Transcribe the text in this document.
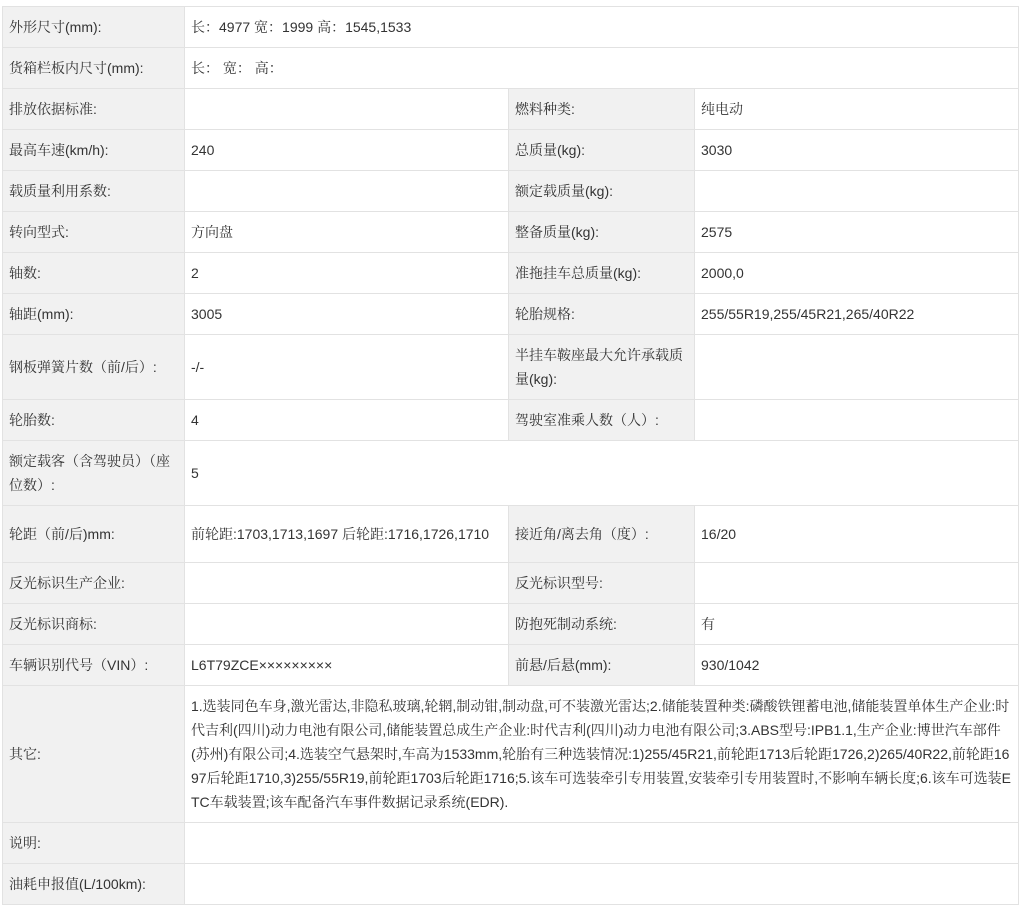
外形尺寸(mm):	长：4977 宽：1999 高：1545,1533		
货箱栏板内尺寸(mm):	长： 宽： 高：		
排放依据标准:		燃料种类:	纯电动
最高车速(km/h):	240	总质量(kg):	3030
载质量利用系数:		额定载质量(kg):	
转向型式:	方向盘	整备质量(kg):	2575
轴数:	2	准拖挂车总质量(kg):	2000,0
轴距(mm):	3005	轮胎规格:	255/55R19,255/45R21,265/40R22
钢板弹簧片数（前/后）:	-/-	半挂车鞍座最大允许承载质量(kg):	
轮胎数:	4	驾驶室准乘人数（人）:	
额定载客（含驾驶员）（座位数）:	5		
轮距（前/后)mm:	前轮距:1703,1713,1697 后轮距:1716,1726,1710	接近角/离去角（度）:	16/20
反光标识生产企业:		反光标识型号:	
反光标识商标:		防抱死制动系统:	有
车辆识别代号（VIN）:	L6T79ZCE×××××××××	前悬/后悬(mm):	930/1042
其它:	1.选装同色车身,激光雷达,非隐私玻璃,轮辋,制动钳,制动盘,可不装激光雷达;2.储能装置种类:磷酸铁锂蓄电池,储能装置单体生产企业:时代吉利(四川)动力电池有限公司,储能装置总成生产企业:时代吉利(四川)动力电池有限公司;3.ABS型号:IPB1.1,生产企业:博世汽车部件(苏州)有限公司;4.选装空气悬架时,车高为1533mm,轮胎有三种选装情况:1)255/45R21,前轮距1713后轮距1726,2)265/40R22,前轮距1697后轮距1710,3)255/55R19,前轮距1703后轮距1716;5.该车可选装牵引专用装置,安装牵引专用装置时,不影响车辆长度;6.该车可选装ETC车载装置;该车配备汽车事件数据记录系统(EDR).		
说明:			
油耗申报值(L/100km):			
